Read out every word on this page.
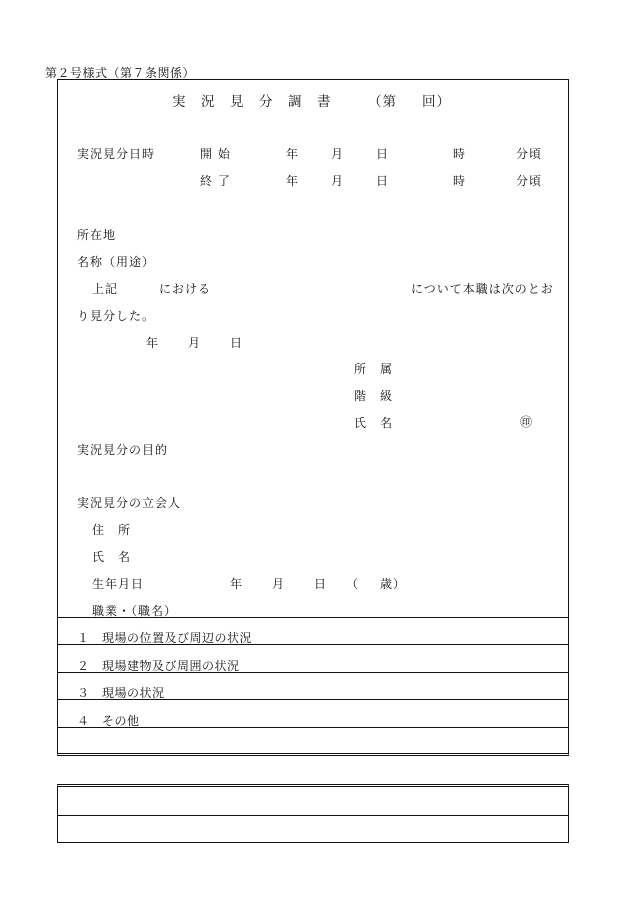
第２号様式（第７条関係）
実　況　見　分　調　書	（第 回）
実況見分日時	開 始	年	月	日	時	分頃
終 了	年	月	日	時	分頃
所在地
名称（用途）
上記	における	について本職は次のとお
り見分した。
年 月 日
所　属
階　級
氏　名	㊞
実況見分の目的
実況見分の立会人
住　所
氏　名
生年月日	年 月 日 （ 歳）
職業・（職名）
１　現場の位置及び周辺の状況
２　現場建物及び周囲の状況
３　現場の状況
４　その他
